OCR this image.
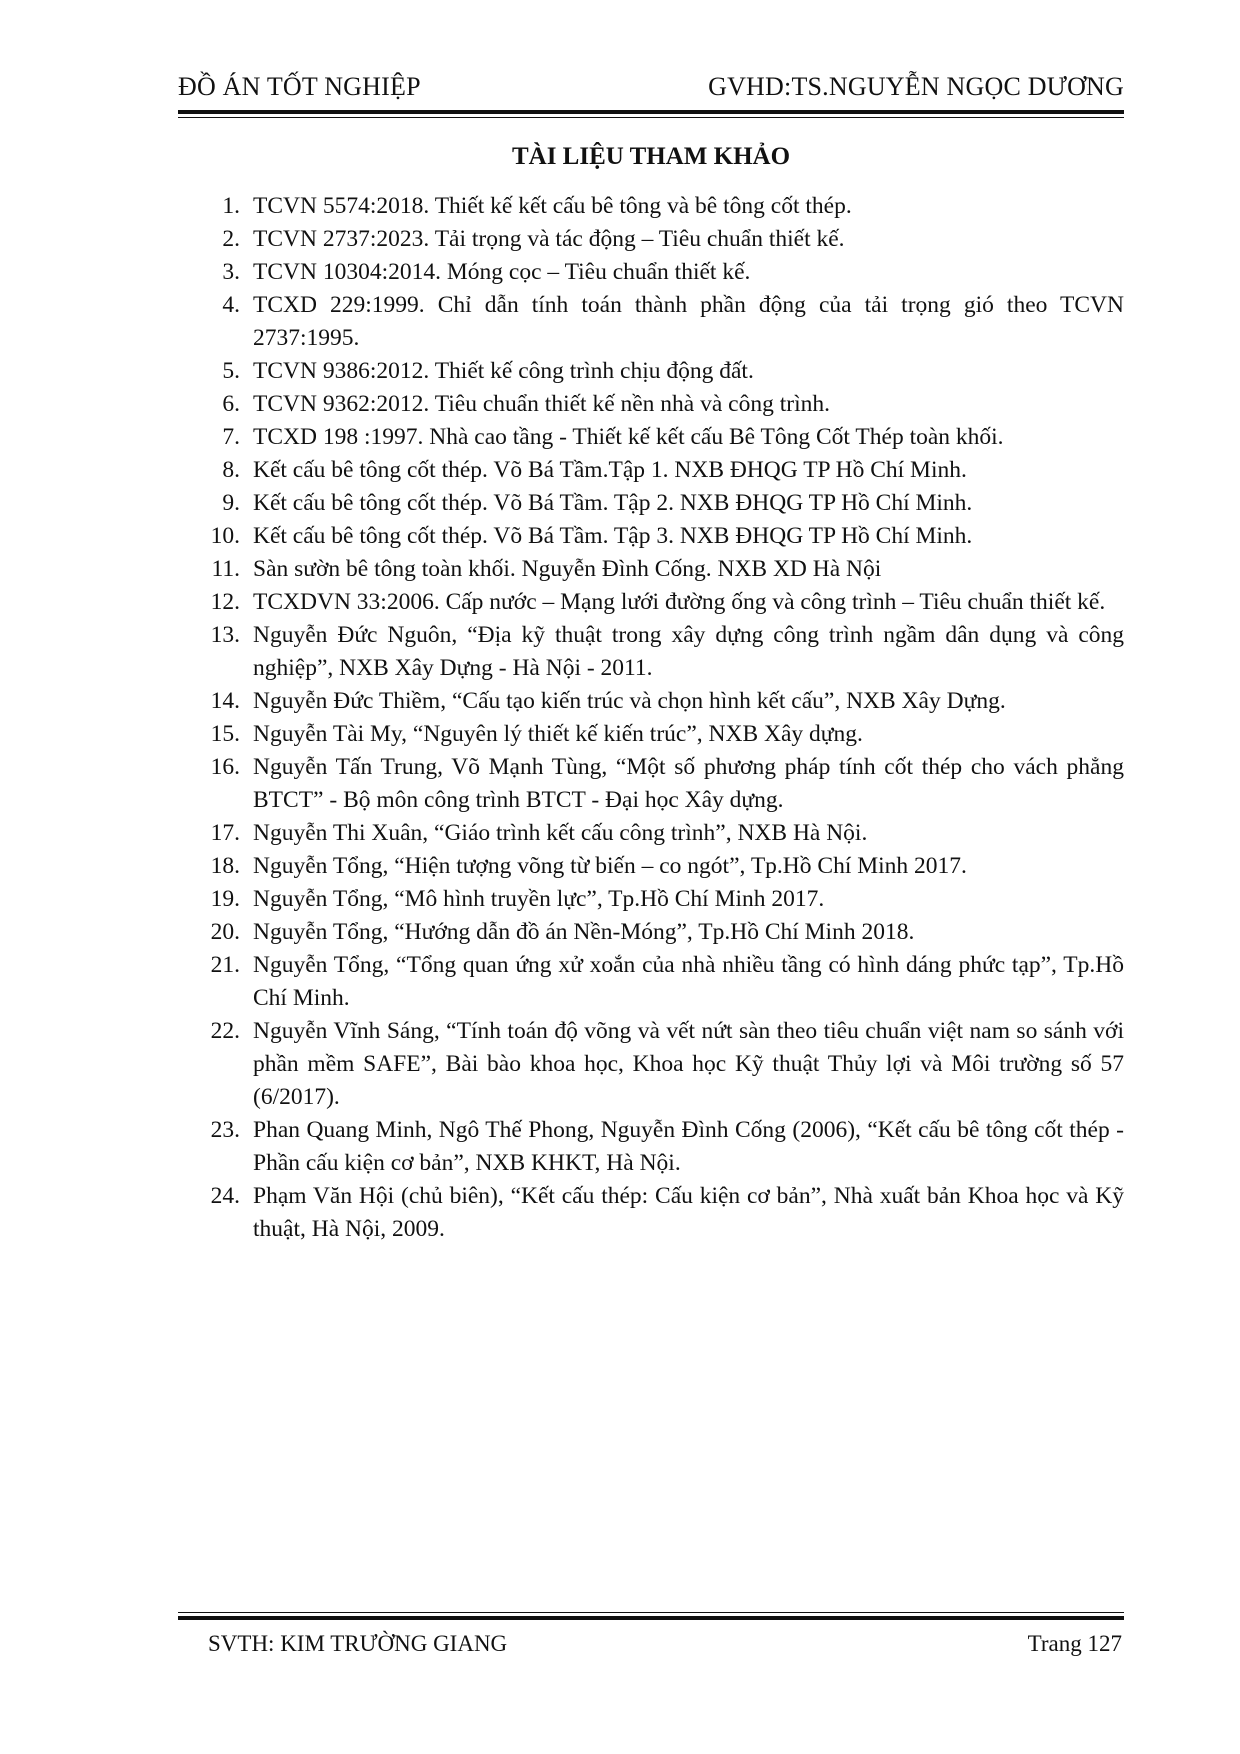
ĐỒ ÁN TỐT NGHIỆP	GVHD:TS.NGUYỄN NGỌC DƯƠNG
TÀI LIỆU THAM KHẢO
1. TCVN 5574:2018. Thiết kế kết cấu bê tông và bê tông cốt thép.
2. TCVN 2737:2023. Tải trọng và tác động – Tiêu chuẩn thiết kế.
3. TCVN 10304:2014. Móng cọc – Tiêu chuẩn thiết kế.
4. TCXD 229:1999. Chỉ dẫn tính toán thành phần động của tải trọng gió theo TCVN 2737:1995.
5. TCVN 9386:2012. Thiết kế công trình chịu động đất.
6. TCVN 9362:2012. Tiêu chuẩn thiết kế nền nhà và công trình.
7. TCXD 198 :1997. Nhà cao tầng - Thiết kế kết cấu Bê Tông Cốt Thép toàn khối.
8. Kết cấu bê tông cốt thép. Võ Bá Tầm.Tập 1. NXB ĐHQG TP Hồ Chí Minh.
9. Kết cấu bê tông cốt thép. Võ Bá Tầm. Tập 2. NXB ĐHQG TP Hồ Chí Minh.
10. Kết cấu bê tông cốt thép. Võ Bá Tầm. Tập 3. NXB ĐHQG TP Hồ Chí Minh.
11. Sàn sườn bê tông toàn khối. Nguyễn Đình Cống. NXB XD Hà Nội
12. TCXDVN 33:2006. Cấp nước – Mạng lưới đường ống và công trình – Tiêu chuẩn thiết kế.
13. Nguyễn Đức Nguôn, “Địa kỹ thuật trong xây dựng công trình ngầm dân dụng và công nghiệp”, NXB Xây Dựng - Hà Nội - 2011.
14. Nguyễn Đức Thiềm, “Cấu tạo kiến trúc và chọn hình kết cấu”, NXB Xây Dựng.
15. Nguyễn Tài My, “Nguyên lý thiết kế kiến trúc”, NXB Xây dựng.
16. Nguyễn Tấn Trung, Võ Mạnh Tùng, “Một số phương pháp tính cốt thép cho vách phẳng BTCT” - Bộ môn công trình BTCT - Đại học Xây dựng.
17. Nguyễn Thi Xuân, “Giáo trình kết cấu công trình”, NXB Hà Nội.
18. Nguyễn Tổng, “Hiện tượng võng từ biến – co ngót”, Tp.Hồ Chí Minh 2017.
19. Nguyễn Tổng, “Mô hình truyền lực”, Tp.Hồ Chí Minh 2017.
20. Nguyễn Tổng, “Hướng dẫn đồ án Nền-Móng”, Tp.Hồ Chí Minh 2018.
21. Nguyễn Tổng, “Tổng quan ứng xử xoắn của nhà nhiều tầng có hình dáng phức tạp”, Tp.Hồ Chí Minh.
22. Nguyễn Vĩnh Sáng, “Tính toán độ võng và vết nứt sàn theo tiêu chuẩn việt nam so sánh với phần mềm SAFE”, Bài bào khoa học, Khoa học Kỹ thuật Thủy lợi và Môi trường số 57 (6/2017).
23. Phan Quang Minh, Ngô Thế Phong, Nguyễn Đình Cống (2006), “Kết cấu bê tông cốt thép - Phần cấu kiện cơ bản”, NXB KHKT, Hà Nội.
24. Phạm Văn Hội (chủ biên), “Kết cấu thép: Cấu kiện cơ bản”, Nhà xuất bản Khoa học và Kỹ thuật, Hà Nội, 2009.
SVTH: KIM TRƯỜNG GIANG	Trang 127
